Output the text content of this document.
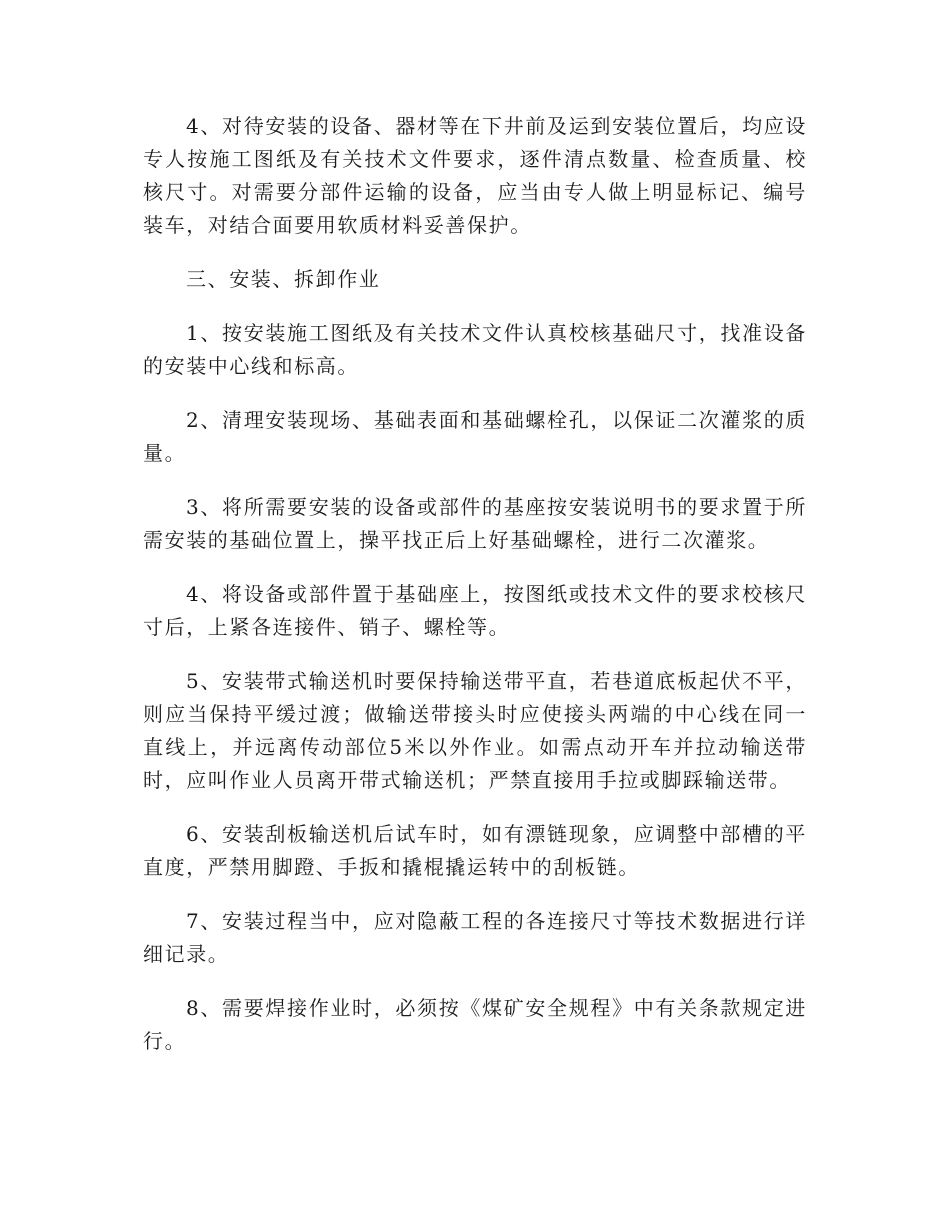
4、对待安装的设备、器材等在下井前及运到安装位置后，均应设专人按施工图纸及有关技术文件要求，逐件清点数量、检查质量、校核尺寸。对需要分部件运输的设备，应当由专人做上明显标记、编号装车，对结合面要用软质材料妥善保护。

三、安装、拆卸作业

1、按安装施工图纸及有关技术文件认真校核基础尺寸，找准设备的安装中心线和标高。

2、清理安装现场、基础表面和基础螺栓孔，以保证二次灌浆的质量。

3、将所需要安装的设备或部件的基座按安装说明书的要求置于所需安装的基础位置上，操平找正后上好基础螺栓，进行二次灌浆。

4、将设备或部件置于基础座上，按图纸或技术文件的要求校核尺寸后，上紧各连接件、销子、螺栓等。

5、安装带式输送机时要保持输送带平直，若巷道底板起伏不平，则应当保持平缓过渡；做输送带接头时应使接头两端的中心线在同一直线上，并远离传动部位5米以外作业。如需点动开车并拉动输送带时，应叫作业人员离开带式输送机；严禁直接用手拉或脚踩输送带。

6、安装刮板输送机后试车时，如有漂链现象，应调整中部槽的平直度，严禁用脚蹬、手扳和撬棍撬运转中的刮板链。

7、安装过程当中，应对隐蔽工程的各连接尺寸等技术数据进行详细记录。

8、需要焊接作业时，必须按《煤矿安全规程》中有关条款规定进行。
